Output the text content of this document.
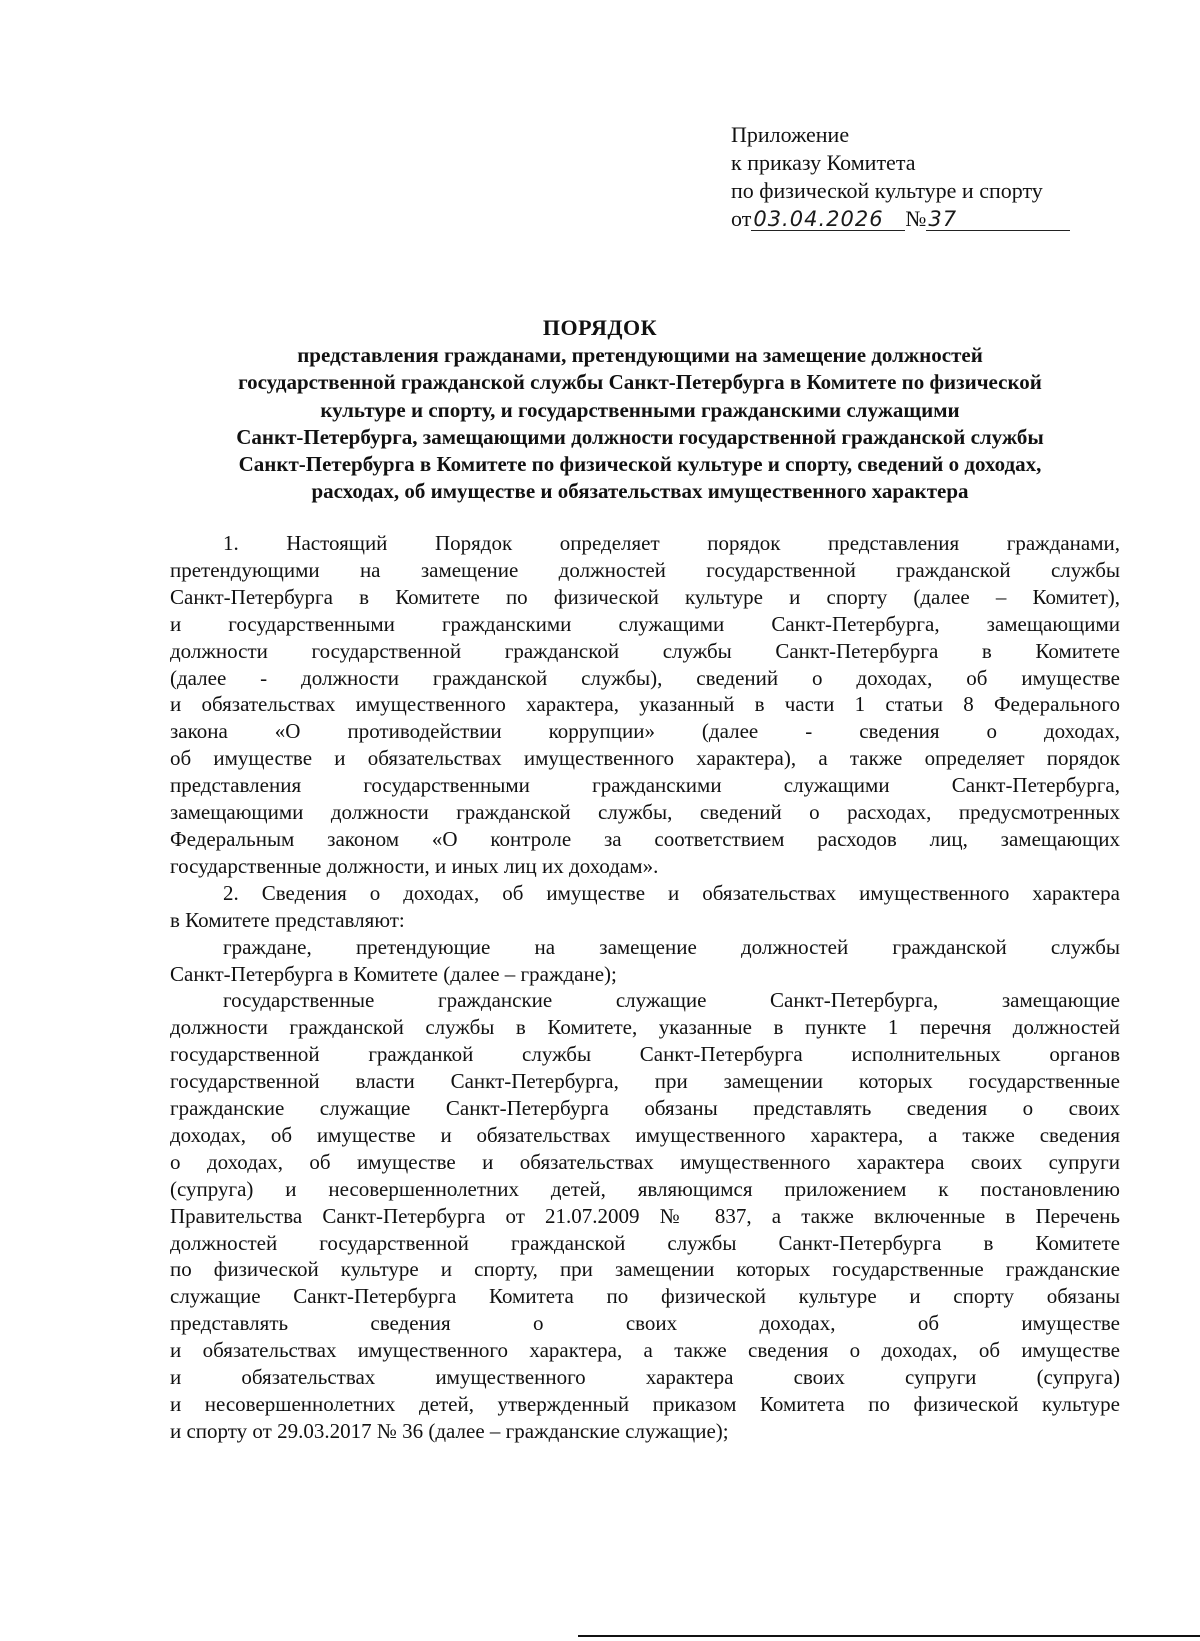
Приложение
к приказу Комитета
по физической культуре и спорту
от03.04.2026 №37
ПОРЯДОК
представления гражданами, претендующими на замещение должностей
государственной гражданской службы Санкт-Петербурга в Комитете по физической
культуре и спорту, и государственными гражданскими служащими
Санкт-Петербурга, замещающими должности государственной гражданской службы
Санкт-Петербурга в Комитете по физической культуре и спорту, сведений о доходах,
расходах, об имуществе и обязательствах имущественного характера
1. Настоящий Порядок определяет порядок представления гражданами,
претендующими на замещение должностей государственной гражданской службы
Санкт-Петербурга в Комитете по физической культуре и спорту (далее – Комитет),
и государственными гражданскими служащими Санкт-Петербурга, замещающими
должности государственной гражданской службы Санкт-Петербурга в Комитете
(далее - должности гражданской службы), сведений о доходах, об имуществе
и обязательствах имущественного характера, указанный в части 1 статьи 8 Федерального
закона «О противодействии коррупции» (далее - сведения о доходах,
об имуществе и обязательствах имущественного характера), а также определяет порядок
представления государственными гражданскими служащими Санкт-Петербурга,
замещающими должности гражданской службы, сведений о расходах, предусмотренных
Федеральным законом «О контроле за соответствием расходов лиц, замещающих
государственные должности, и иных лиц их доходам».
2. Сведения о доходах, об имуществе и обязательствах имущественного характера
в Комитете представляют:
граждане, претендующие на замещение должностей гражданской службы
Санкт-Петербурга в Комитете (далее – граждане);
государственные гражданские служащие Санкт-Петербурга, замещающие
должности гражданской службы в Комитете, указанные в пункте 1 перечня должностей
государственной гражданкой службы Санкт-Петербурга исполнительных органов
государственной власти Санкт-Петербурга, при замещении которых государственные
гражданские служащие Санкт-Петербурга обязаны представлять сведения о своих
доходах, об имуществе и обязательствах имущественного характера, а также сведения
о доходах, об имуществе и обязательствах имущественного характера своих супруги
(супруга) и несовершеннолетних детей, являющимся приложением к постановлению
Правительства Санкт-Петербурга от 21.07.2009 № 837, а также включенные в Перечень
должностей государственной гражданской службы Санкт-Петербурга в Комитете
по физической культуре и спорту, при замещении которых государственные гражданские
служащие Санкт-Петербурга Комитета по физической культуре и спорту обязаны
представлять сведения о своих доходах, об имуществе
и обязательствах имущественного характера, а также сведения о доходах, об имуществе
и обязательствах имущественного характера своих супруги (супруга)
и несовершеннолетних детей, утвержденный приказом Комитета по физической культуре
и спорту от 29.03.2017 № 36 (далее – гражданские служащие);
